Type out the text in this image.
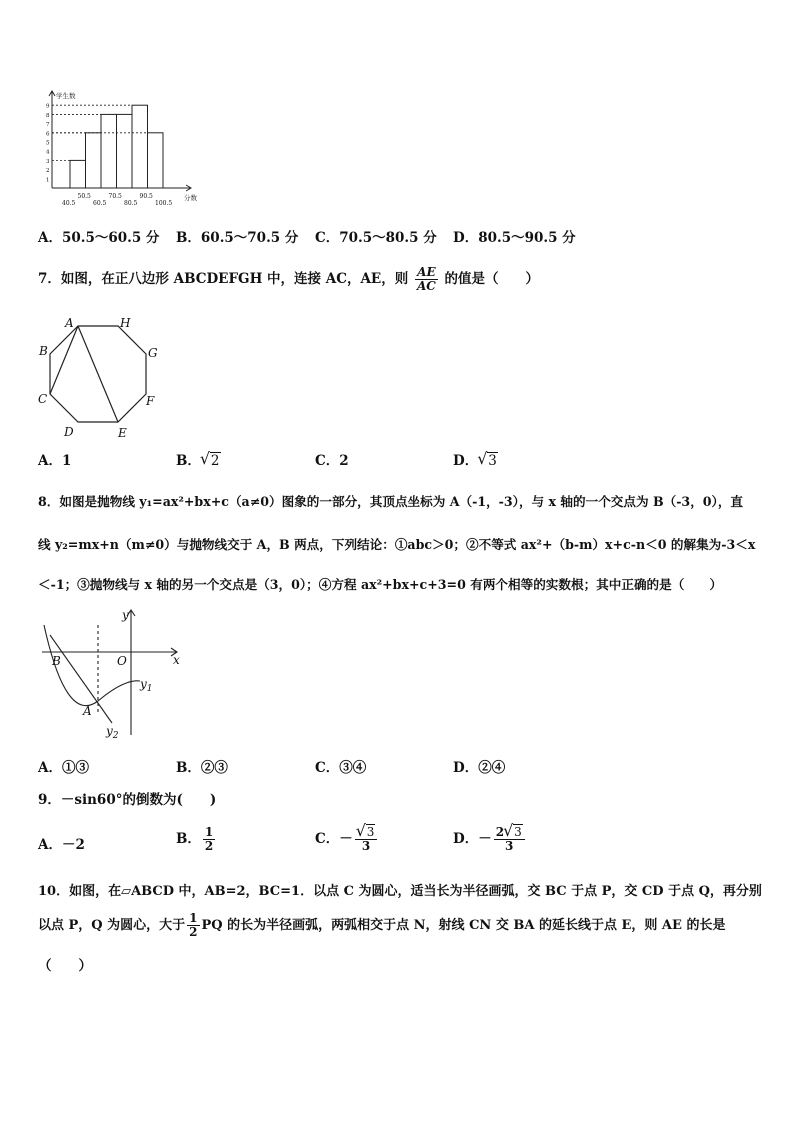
1
2
3
4
5
6
7
8
9
40.5	60.5	80.5	100.5
50.5	70.5	90.5
学生数
分数
A．50.5～60.5 分 B．60.5～70.5 分 C．70.5～80.5 分 D．80.5～90.5 分
7．如图，在正八边形 ABCDEFGH 中，连接 AC，AE，则 $\frac{AE}{AC}$ 的值是（　　）
A	H
G
F
E
D
C
B
A．1	B． √ 2	C．2	D． √ 3
8．如图是抛物线 y₁=ax²+bx+c（a≠0）图象的一部分，其顶点坐标为 A（-1，-3），与 x 轴的一个交点为 B（-3，0），直
线 y₂=mx+n（m≠0）与抛物线交于 A，B 两点，下列结论：①abc＞0；②不等式 ax²+（b-m）x+c-n＜0 的解集为-3＜x
＜-1；③抛物线与 x 轴的另一个交点是（3，0）；④方程 ax²+bx+c+3=0 有两个相等的实数根；其中正确的是（　　）
y
x
O
B
A
$y_1$
$y_2$
A．①③	B．②③	C．③④	D．②④
9．－sin60°的倒数为(　　)
A．－2	B． $\frac{1}{2}$	C．－ √ $\frac{3}{3}$	D．－ $\frac{2 √ 3}{3}$
10．如图，在▱ABCD 中，AB=2，BC=1．以点 C 为圆心，适当长为半径画弧，交 BC 于点 P，交 CD 于点 Q，再分别
以点 P，Q 为圆心，大于 $\frac{1}{2}$ PQ 的长为半径画弧，两弧相交于点 N，射线 CN 交 BA 的延长线于点 E，则 AE 的长是
（　　）
